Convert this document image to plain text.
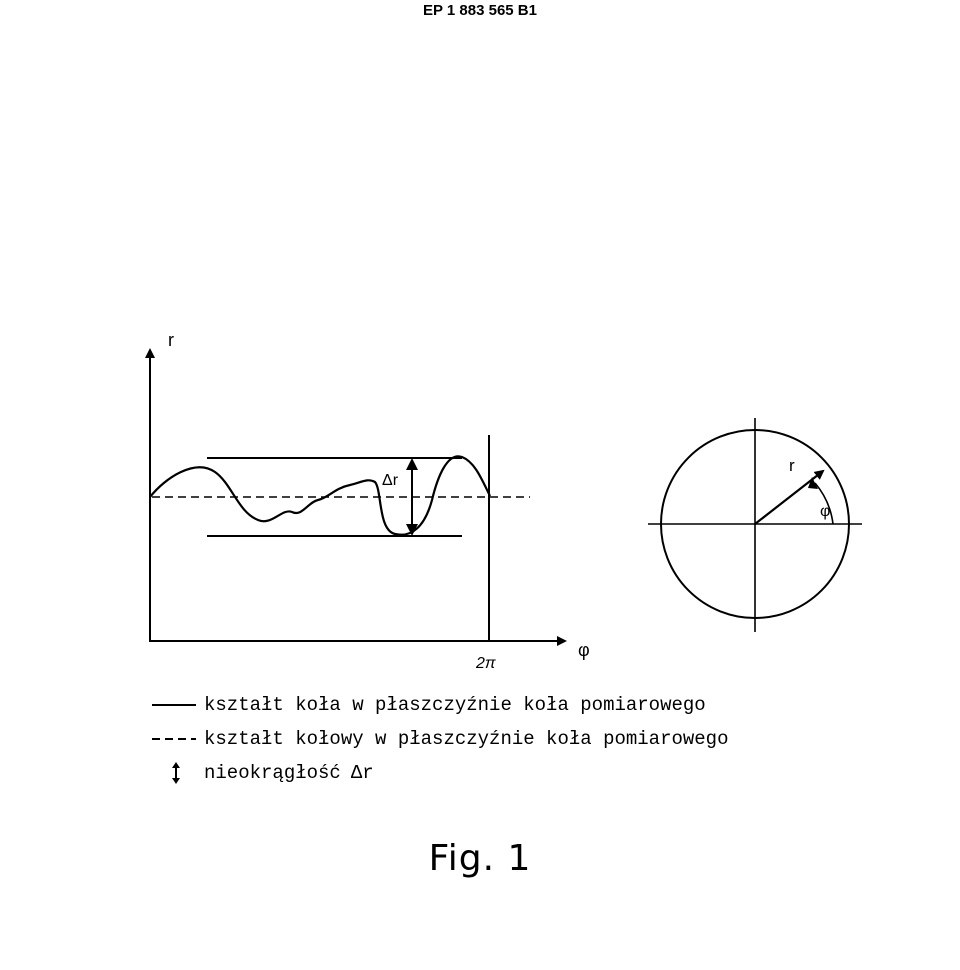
EP 1 883 565 B1
r
φ
2π
Δr
r
φ
kształt koła w płaszczyźnie koła pomiarowego
kształt kołowy w płaszczyźnie koła pomiarowego
nieokrągłość Δ r
Fig. 1
